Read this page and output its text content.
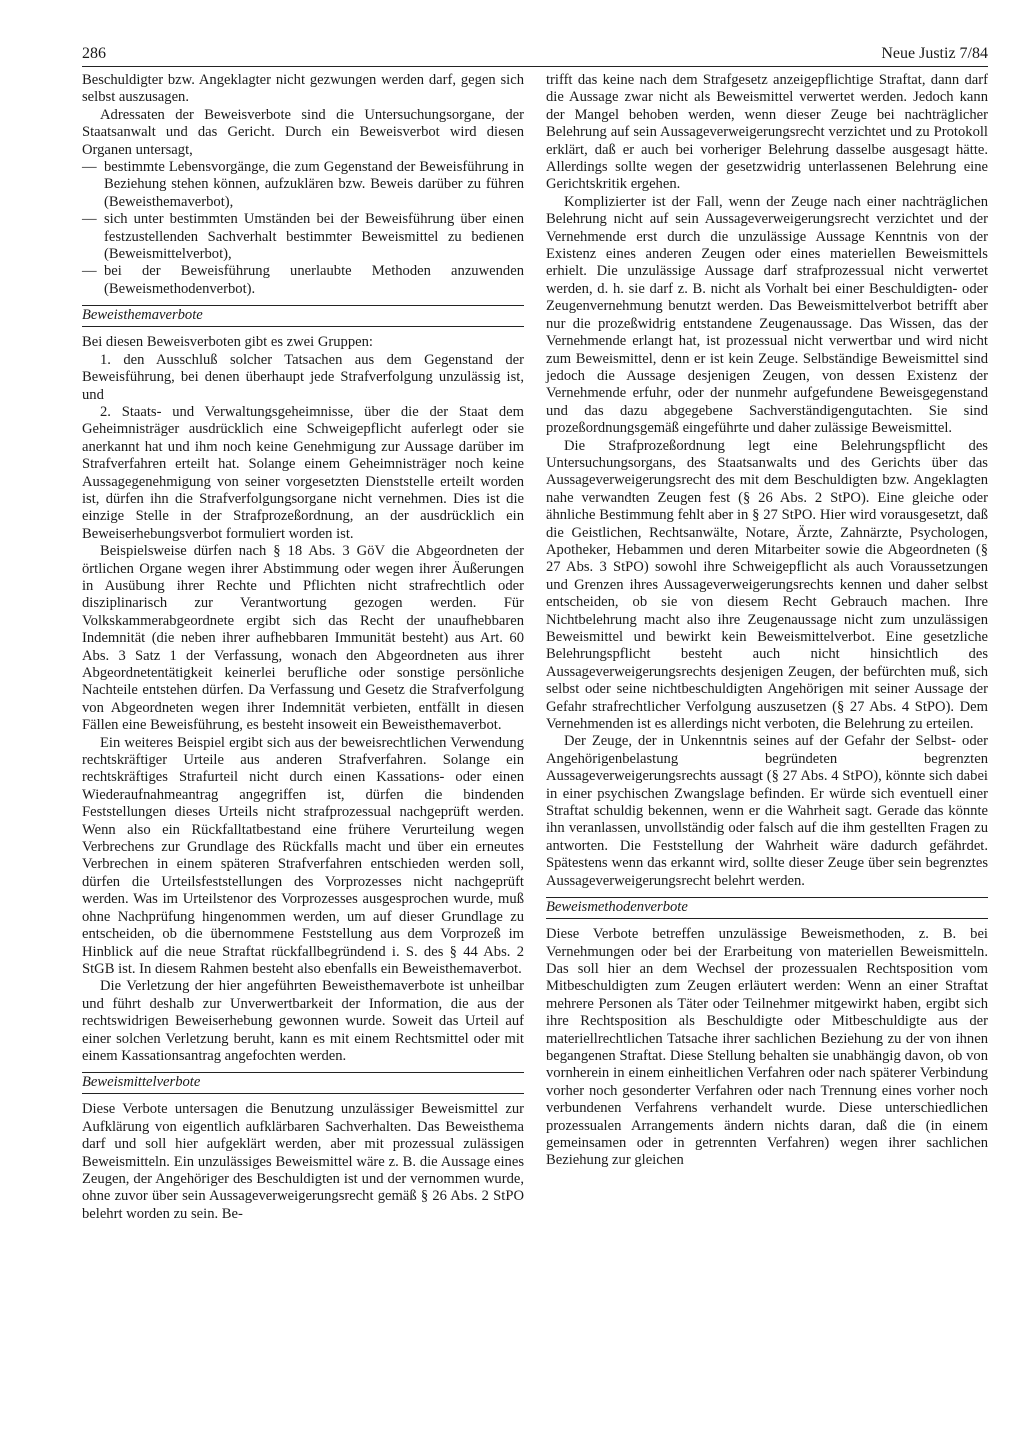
286	Neue Justiz 7/84

Beschuldigter bzw. Angeklagter nicht gezwungen werden darf, gegen sich selbst auszusagen.

Adressaten der Beweisverbote sind die Untersuchungsorgane, der Staatsanwalt und das Gericht. Durch ein Beweisverbot wird diesen Organen untersagt,

— bestimmte Lebensvorgänge, die zum Gegenstand der Beweisführung in Beziehung stehen können, aufzuklären bzw. Beweis darüber zu führen (Beweisthemaverbot),
— sich unter bestimmten Umständen bei der Beweisführung über einen festzustellenden Sachverhalt bestimmter Beweismittel zu bedienen (Beweismittelverbot),
— bei der Beweisführung unerlaubte Methoden anzuwenden (Beweismethodenverbot).
Beweisthemaverbote

Bei diesen Beweisverboten gibt es zwei Gruppen:

1. den Ausschluß solcher Tatsachen aus dem Gegenstand der Beweisführung, bei denen überhaupt jede Strafverfolgung unzulässig ist, und
2. Staats- und Verwaltungsgeheimnisse, über die der Staat dem Geheimnisträger ausdrücklich eine Schweigepflicht auferlegt oder sie anerkannt hat und ihm noch keine Genehmigung zur Aussage darüber im Strafverfahren erteilt hat. Solange einem Geheimnisträger noch keine Aussagegenehmigung von seiner vorgesetzten Dienststelle erteilt worden ist, dürfen ihn die Strafverfolgungsorgane nicht vernehmen. Dies ist die einzige Stelle in der Strafprozeßordnung, an der ausdrücklich ein Beweiserhebungsverbot formuliert worden ist.

Beispielsweise dürfen nach § 18 Abs. 3 GöV die Abgeordneten der örtlichen Organe wegen ihrer Abstimmung oder wegen ihrer Äußerungen in Ausübung ihrer Rechte und Pflichten nicht strafrechtlich oder disziplinarisch zur Verantwortung gezogen werden. Für Volkskammerabgeordnete ergibt sich das Recht der unaufhebbaren Indemnität (die neben ihrer aufhebbaren Immunität besteht) aus Art. 60 Abs. 3 Satz 1 der Verfassung, wonach den Abgeordneten aus ihrer Abgeordnetentätigkeit keinerlei berufliche oder sonstige persönliche Nachteile entstehen dürfen. Da Verfassung und Gesetz die Strafverfolgung von Abgeordneten wegen ihrer Indemnität verbieten, entfällt in diesen Fällen eine Beweisführung, es besteht insoweit ein Beweisthemaverbot.

Ein weiteres Beispiel ergibt sich aus der beweisrechtlichen Verwendung rechtskräftiger Urteile aus anderen Strafverfahren. Solange ein rechtskräftiges Strafurteil nicht durch einen Kassations- oder einen Wiederaufnahmeantrag angegriffen ist, dürfen die bindenden Feststellungen dieses Urteils nicht strafprozessual nachgeprüft werden. Wenn also ein Rückfalltatbestand eine frühere Verurteilung wegen Verbrechens zur Grundlage des Rückfalls macht und über ein erneutes Verbrechen in einem späteren Strafverfahren entschieden werden soll, dürfen die Urteilsfeststellungen des Vorprozesses nicht nachgeprüft werden. Was im Urteilstenor des Vorprozesses ausgesprochen wurde, muß ohne Nachprüfung hingenommen werden, um auf dieser Grundlage zu entscheiden, ob die übernommene Feststellung aus dem Vorprozeß im Hinblick auf die neue Straftat rückfallbegründend i. S. des § 44 Abs. 2 StGB ist. In diesem Rahmen besteht also ebenfalls ein Beweisthemaverbot.

Die Verletzung der hier angeführten Beweisthemaverbote ist unheilbar und führt deshalb zur Unverwertbarkeit der Information, die aus der rechtswidrigen Beweiserhebung gewonnen wurde. Soweit das Urteil auf einer solchen Verletzung beruht, kann es mit einem Rechtsmittel oder mit einem Kassationsantrag angefochten werden.

Beweismittelverbote

Diese Verbote untersagen die Benutzung unzulässiger Beweismittel zur Aufklärung von eigentlich aufklärbaren Sachverhalten. Das Beweisthema darf und soll hier aufgeklärt werden, aber mit prozessual zulässigen Beweismitteln. Ein unzulässiges Beweismittel wäre z. B. die Aussage eines Zeugen, der Angehöriger des Beschuldigten ist und der vernommen wurde, ohne zuvor über sein Aussageverweigerungsrecht gemäß § 26 Abs. 2 StPO belehrt worden zu sein. Be-

trifft das keine nach dem Strafgesetz anzeigepflichtige Straftat, dann darf die Aussage zwar nicht als Beweismittel verwertet werden. Jedoch kann der Mangel behoben werden, wenn dieser Zeuge bei nachträglicher Belehrung auf sein Aussageverweigerungsrecht verzichtet und zu Protokoll erklärt, daß er auch bei vorheriger Belehrung dasselbe ausgesagt hätte. Allerdings sollte wegen der gesetzwidrig unterlassenen Belehrung eine Gerichtskritik ergehen.

Komplizierter ist der Fall, wenn der Zeuge nach einer nachträglichen Belehrung nicht auf sein Aussageverweigerungsrecht verzichtet und der Vernehmende erst durch die unzulässige Aussage Kenntnis von der Existenz eines anderen Zeugen oder eines materiellen Beweismittels erhielt. Die unzulässige Aussage darf strafprozessual nicht verwertet werden, d. h. sie darf z. B. nicht als Vorhalt bei einer Beschuldigten- oder Zeugenvernehmung benutzt werden. Das Beweismittelverbot betrifft aber nur die prozeßwidrig entstandene Zeugenaussage. Das Wissen, das der Vernehmende erlangt hat, ist prozessual nicht verwertbar und wird nicht zum Beweismittel, denn er ist kein Zeuge. Selbständige Beweismittel sind jedoch die Aussage desjenigen Zeugen, von dessen Existenz der Vernehmende erfuhr, oder der nunmehr aufgefundene Beweisgegenstand und das dazu abgegebene Sachverständigengutachten. Sie sind prozeßordnungsgemäß eingeführte und daher zulässige Beweismittel.

Die Strafprozeßordnung legt eine Belehrungspflicht des Untersuchungsorgans, des Staatsanwalts und des Gerichts über das Aussageverweigerungsrecht des mit dem Beschuldigten bzw. Angeklagten nahe verwandten Zeugen fest (§ 26 Abs. 2 StPO). Eine gleiche oder ähnliche Bestimmung fehlt aber in § 27 StPO. Hier wird vorausgesetzt, daß die Geistlichen, Rechtsanwälte, Notare, Ärzte, Zahnärzte, Psychologen, Apotheker, Hebammen und deren Mitarbeiter sowie die Abgeordneten (§ 27 Abs. 3 StPO) sowohl ihre Schweigepflicht als auch Voraussetzungen und Grenzen ihres Aussageverweigerungsrechts kennen und daher selbst entscheiden, ob sie von diesem Recht Gebrauch machen. Ihre Nichtbelehrung macht also ihre Zeugenaussage nicht zum unzulässigen Beweismittel und bewirkt kein Beweismittelverbot. Eine gesetzliche Belehrungspflicht besteht auch nicht hinsichtlich des Aussageverweigerungsrechts desjenigen Zeugen, der befürchten muß, sich selbst oder seine nichtbeschuldigten Angehörigen mit seiner Aussage der Gefahr strafrechtlicher Verfolgung auszusetzen (§ 27 Abs. 4 StPO). Dem Vernehmenden ist es allerdings nicht verboten, die Belehrung zu erteilen.

Der Zeuge, der in Unkenntnis seines auf der Gefahr der Selbst- oder Angehörigenbelastung begründeten begrenzten Aussageverweigerungsrechts aussagt (§ 27 Abs. 4 StPO), könnte sich dabei in einer psychischen Zwangslage befinden. Er würde sich eventuell einer Straftat schuldig bekennen, wenn er die Wahrheit sagt. Gerade das könnte ihn veranlassen, unvollständig oder falsch auf die ihm gestellten Fragen zu antworten. Die Feststellung der Wahrheit wäre dadurch gefährdet. Spätestens wenn das erkannt wird, sollte dieser Zeuge über sein begrenztes Aussageverweigerungsrecht belehrt werden.

Beweismethodenverbote

Diese Verbote betreffen unzulässige Beweismethoden, z. B. bei Vernehmungen oder bei der Erarbeitung von materiellen Beweismitteln. Das soll hier an dem Wechsel der prozessualen Rechtsposition vom Mitbeschuldigten zum Zeugen erläutert werden: Wenn an einer Straftat mehrere Personen als Täter oder Teilnehmer mitgewirkt haben, ergibt sich ihre Rechtsposition als Beschuldigte oder Mitbeschuldigte aus der materiellrechtlichen Tatsache ihrer sachlichen Beziehung zu der von ihnen begangenen Straftat. Diese Stellung behalten sie unabhängig davon, ob von vornherein in einem einheitlichen Verfahren oder nach späterer Verbindung vorher noch gesonderter Verfahren oder nach Trennung eines vorher noch verbundenen Verfahrens verhandelt wurde. Diese unterschiedlichen prozessualen Arrangements ändern nichts daran, daß die (in einem gemeinsamen oder in getrennten Verfahren) wegen ihrer sachlichen Beziehung zur gleichen
